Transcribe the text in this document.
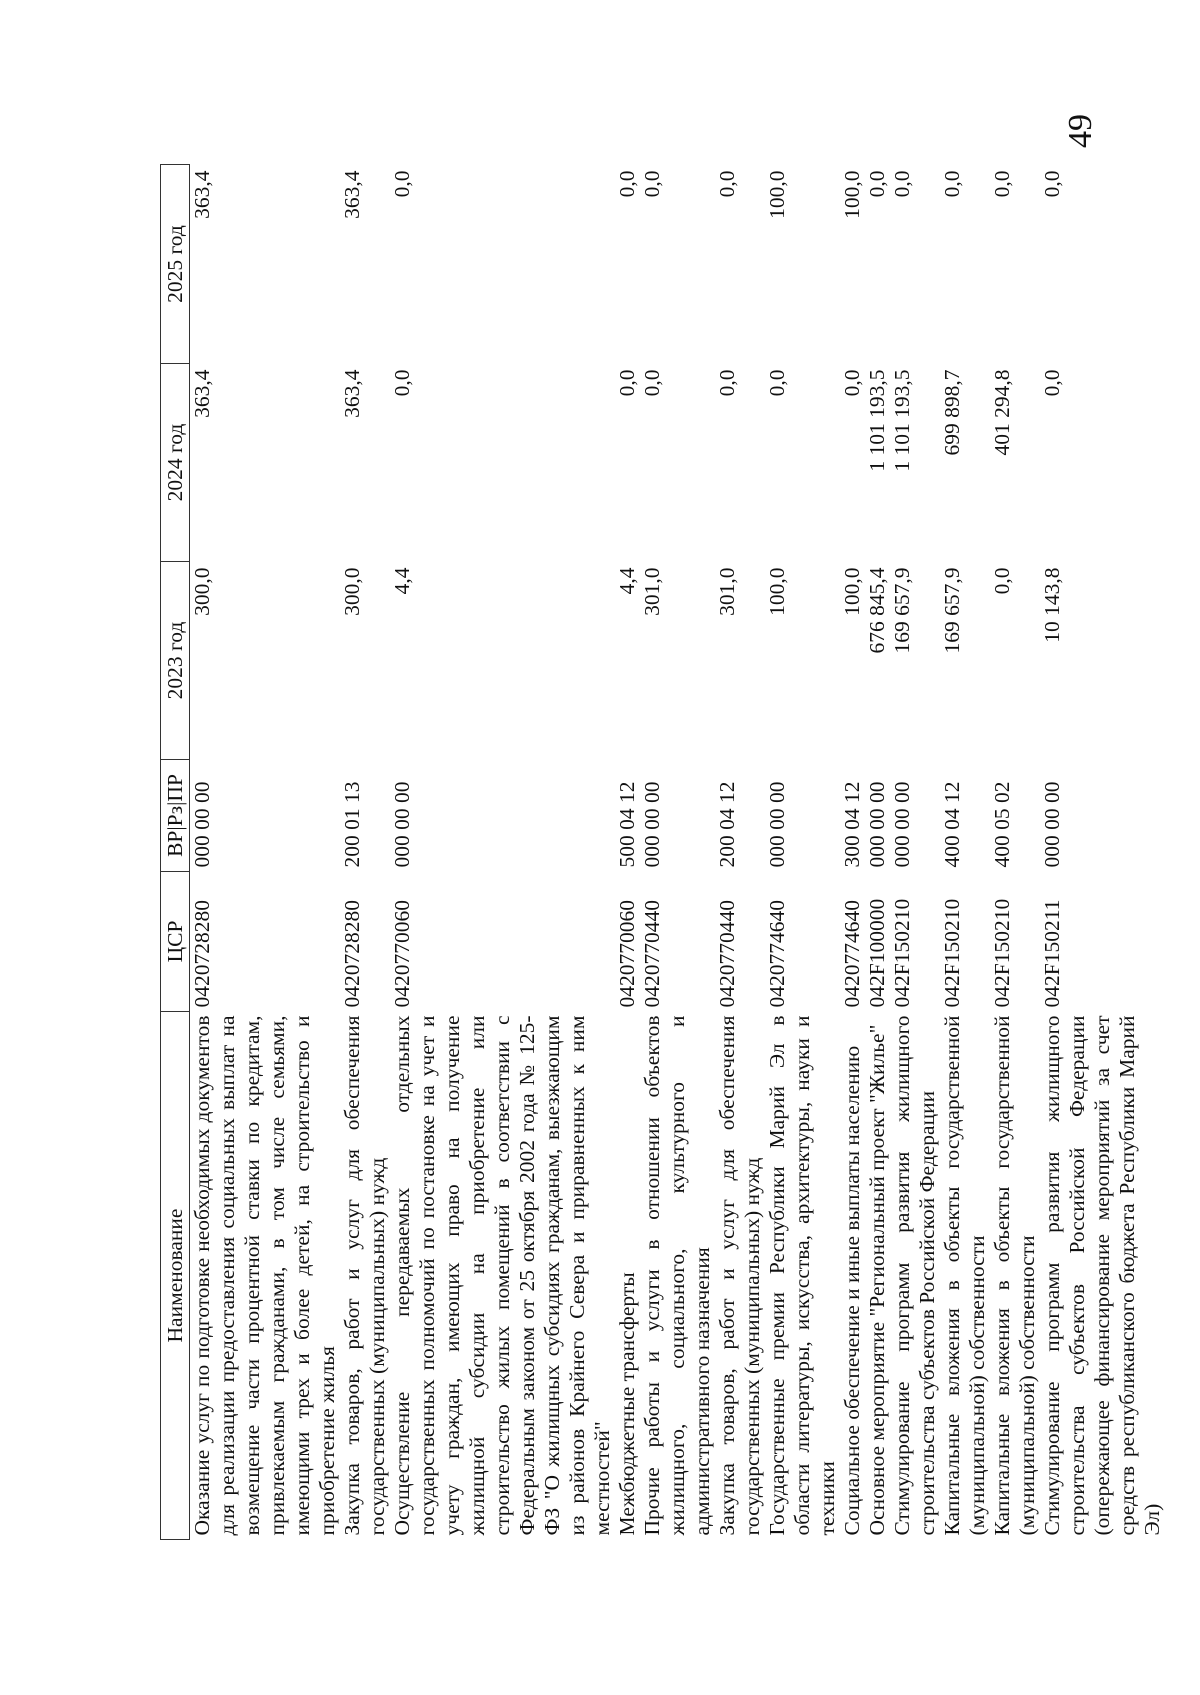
49
Наименование	ЦСР	ВР|Рз|ПР	2023 год	2024 год	2025 год
Оказание услуг по подготовке необходимых документов для реализации предоставления социальных выплат на возмещение части процентной ставки по кредитам, привлекаемым гражданами, в том числе семьями, имеющими трех и более детей, на строительство и приобретение жилья	0420728280	000 00 00	300,0	363,4	363,4
Закупка товаров, работ и услуг для обеспечения государственных (муниципальных) нужд	0420728280	200 01 13	300,0	363,4	363,4
Осуществление передаваемых отдельных государственных полномочий по постановке на учет и учету граждан, имеющих право на получение жилищной субсидии на приобретение или строительство жилых помещений в соответствии с Федеральным законом от 25 октября 2002 года № 125-ФЗ "О жилищных субсидиях гражданам, выезжающим из районов Крайнего Севера и приравненных к ним местностей"	0420770060	000 00 00	4,4	0,0	0,0
Межбюджетные трансферты	0420770060	500 04 12	4,4	0,0	0,0
Прочие работы и услуги в отношении объектов жилищного, социального, культурного и административного назначения	0420770440	000 00 00	301,0	0,0	0,0
Закупка товаров, работ и услуг для обеспечения государственных (муниципальных) нужд	0420770440	200 04 12	301,0	0,0	0,0
Государственные премии Республики Марий Эл в области литературы, искусства, архитектуры, науки и техники	0420774640	000 00 00	100,0	0,0	100,0
Социальное обеспечение и иные выплаты населению	0420774640	300 04 12	100,0	0,0	100,0
Основное мероприятие "Региональный проект "Жилье"	042F100000	000 00 00	676 845,4	1 101 193,5	0,0
Стимулирование программ развития жилищного строительства субъектов Российской Федерации	042F150210	000 00 00	169 657,9	1 101 193,5	0,0
Капитальные вложения в объекты государственной (муниципальной) собственности	042F150210	400 04 12	169 657,9	699 898,7	0,0
Капитальные вложения в объекты государственной (муниципальной) собственности	042F150210	400 05 02	0,0	401 294,8	0,0
Стимулирование программ развития жилищного строительства субъектов Российской Федерации (опережающее финансирование мероприятий за счет средств республиканского бюджета Республики Марий Эл)	042F150211	000 00 00	10 143,8	0,0	0,0
